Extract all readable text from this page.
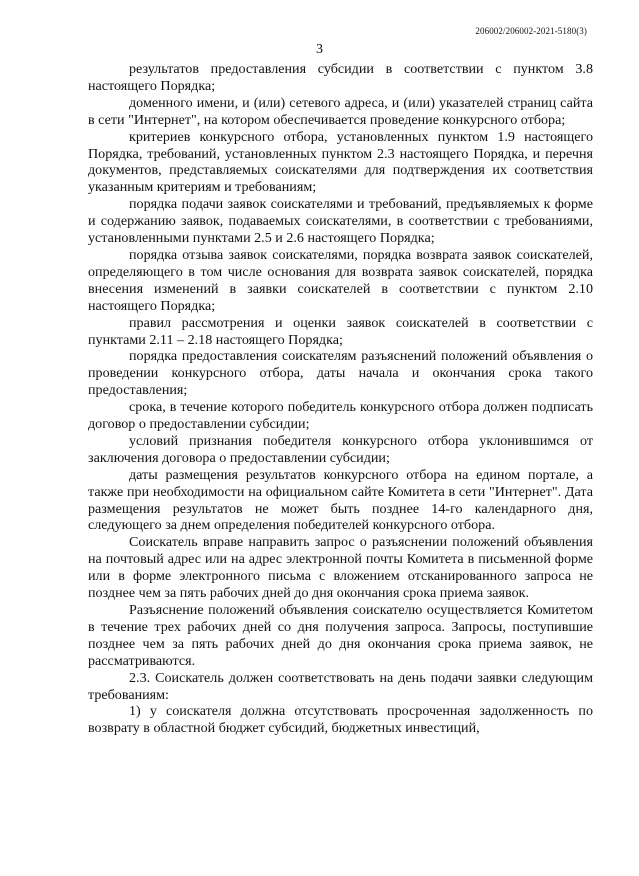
206002/206002-2021-5180(3)
3

результатов предоставления субсидии в соответствии с пунктом 3.8 настоящего Порядка;

доменного имени, и (или) сетевого адреса, и (или) указателей страниц сайта в сети "Интернет", на котором обеспечивается проведение конкурсного отбора;

критериев конкурсного отбора, установленных пунктом 1.9 настоящего Порядка, требований, установленных пунктом 2.3 настоящего Порядка, и перечня документов, представляемых соискателями для подтверждения их соответствия указанным критериям и требованиям;

порядка подачи заявок соискателями и требований, предъявляемых к форме и содержанию заявок, подаваемых соискателями, в соответствии с требованиями, установленными пунктами 2.5 и 2.6 настоящего Порядка;

порядка отзыва заявок соискателями, порядка возврата заявок соискателей, определяющего в том числе основания для возврата заявок соискателей, порядка внесения изменений в заявки соискателей в соответствии с пунктом 2.10 настоящего Порядка;

правил рассмотрения и оценки заявок соискателей в соответствии с пунктами 2.11 – 2.18 настоящего Порядка;

порядка предоставления соискателям разъяснений положений объявления о проведении конкурсного отбора, даты начала и окончания срока такого предоставления;

срока, в течение которого победитель конкурсного отбора должен подписать договор о предоставлении субсидии;

условий признания победителя конкурсного отбора уклонившимся от заключения договора о предоставлении субсидии;

даты размещения результатов конкурсного отбора на едином портале, а также при необходимости на официальном сайте Комитета в сети "Интернет". Дата размещения результатов не может быть позднее 14-го календарного дня, следующего за днем определения победителей конкурсного отбора.

Соискатель вправе направить запрос о разъяснении положений объявления на почтовый адрес или на адрес электронной почты Комитета в письменной форме или в форме электронного письма с вложением отсканированного запроса не позднее чем за пять рабочих дней до дня окончания срока приема заявок.

Разъяснение положений объявления соискателю осуществляется Комитетом в течение трех рабочих дней со дня получения запроса. Запросы, поступившие позднее чем за пять рабочих дней до дня окончания срока приема заявок, не рассматриваются.

2.3. Соискатель должен соответствовать на день подачи заявки следующим требованиям:

1) у соискателя должна отсутствовать просроченная задолженность по возврату в областной бюджет субсидий, бюджетных инвестиций,
